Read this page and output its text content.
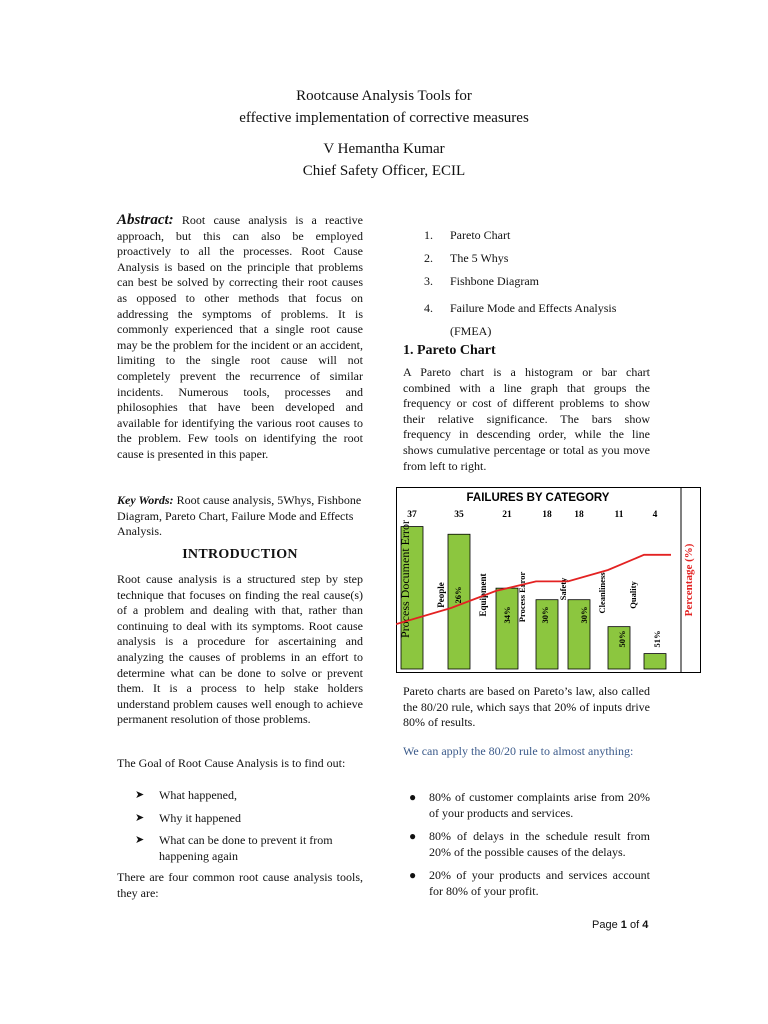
Rootcause Analysis Tools for
effective implementation of corrective measures
V Hemantha Kumar
Chief Safety Officer, ECIL
Abstract: Root cause analysis is a reactive approach, but this can also be employed proactively to all the processes. Root Cause Analysis is based on the principle that problems can best be solved by correcting their root causes as opposed to other methods that focus on addressing the symptoms of problems. It is commonly experienced that a single root cause may be the problem for the incident or an accident, limiting to the single root cause will not completely prevent the recurrence of similar incidents. Numerous tools, processes and philosophies that have been developed and available for identifying the various root causes to the problem. Few tools on identifying the root cause is presented in this paper.
Key Words: Root cause analysis, 5Whys, Fishbone Diagram, Pareto Chart, Failure Mode and Effects Analysis.
INTRODUCTION
Root cause analysis is a structured step by step technique that focuses on finding the real cause(s) of a problem and dealing with that, rather than continuing to deal with its symptoms. Root cause analysis is a procedure for ascertaining and analyzing the causes of problems in an effort to determine what can be done to solve or prevent them. It is a process to help stake holders understand problem causes well enough to achieve permanent resolution of those problems.
The Goal of Root Cause Analysis is to find out:
➤ What happened,
➤ Why it happened
➤ What can be done to prevent it from happening again
There are four common root cause analysis tools, they are:
1. Pareto Chart
2. The 5 Whys
3. Fishbone Diagram
4. Failure Mode and Effects Analysis (FMEA)
1. Pareto Chart
A Pareto chart is a histogram or bar chart combined with a line graph that groups the frequency or cost of different problems to show their relative significance. The bars show frequency in descending order, while the line shows cumulative percentage or total as you move from left to right.
FAILURES BY CATEGORY
Percentage (%)
37	35	21	18 18	11	4
Process Document Error	People	Equipment	Process Error	Safety	Cleanliness Quality
26%
34%	30%	30%
50%	51%
Pareto charts are based on Pareto’s law, also called the 80/20 rule, which says that 20% of inputs drive 80% of results.
We can apply the 80/20 rule to almost anything:
● 80% of customer complaints arise from 20% of your products and services.
● 80% of delays in the schedule result from 20% of the possible causes of the delays.
● 20% of your products and services account for 80% of your profit.
Page 1 of 4
